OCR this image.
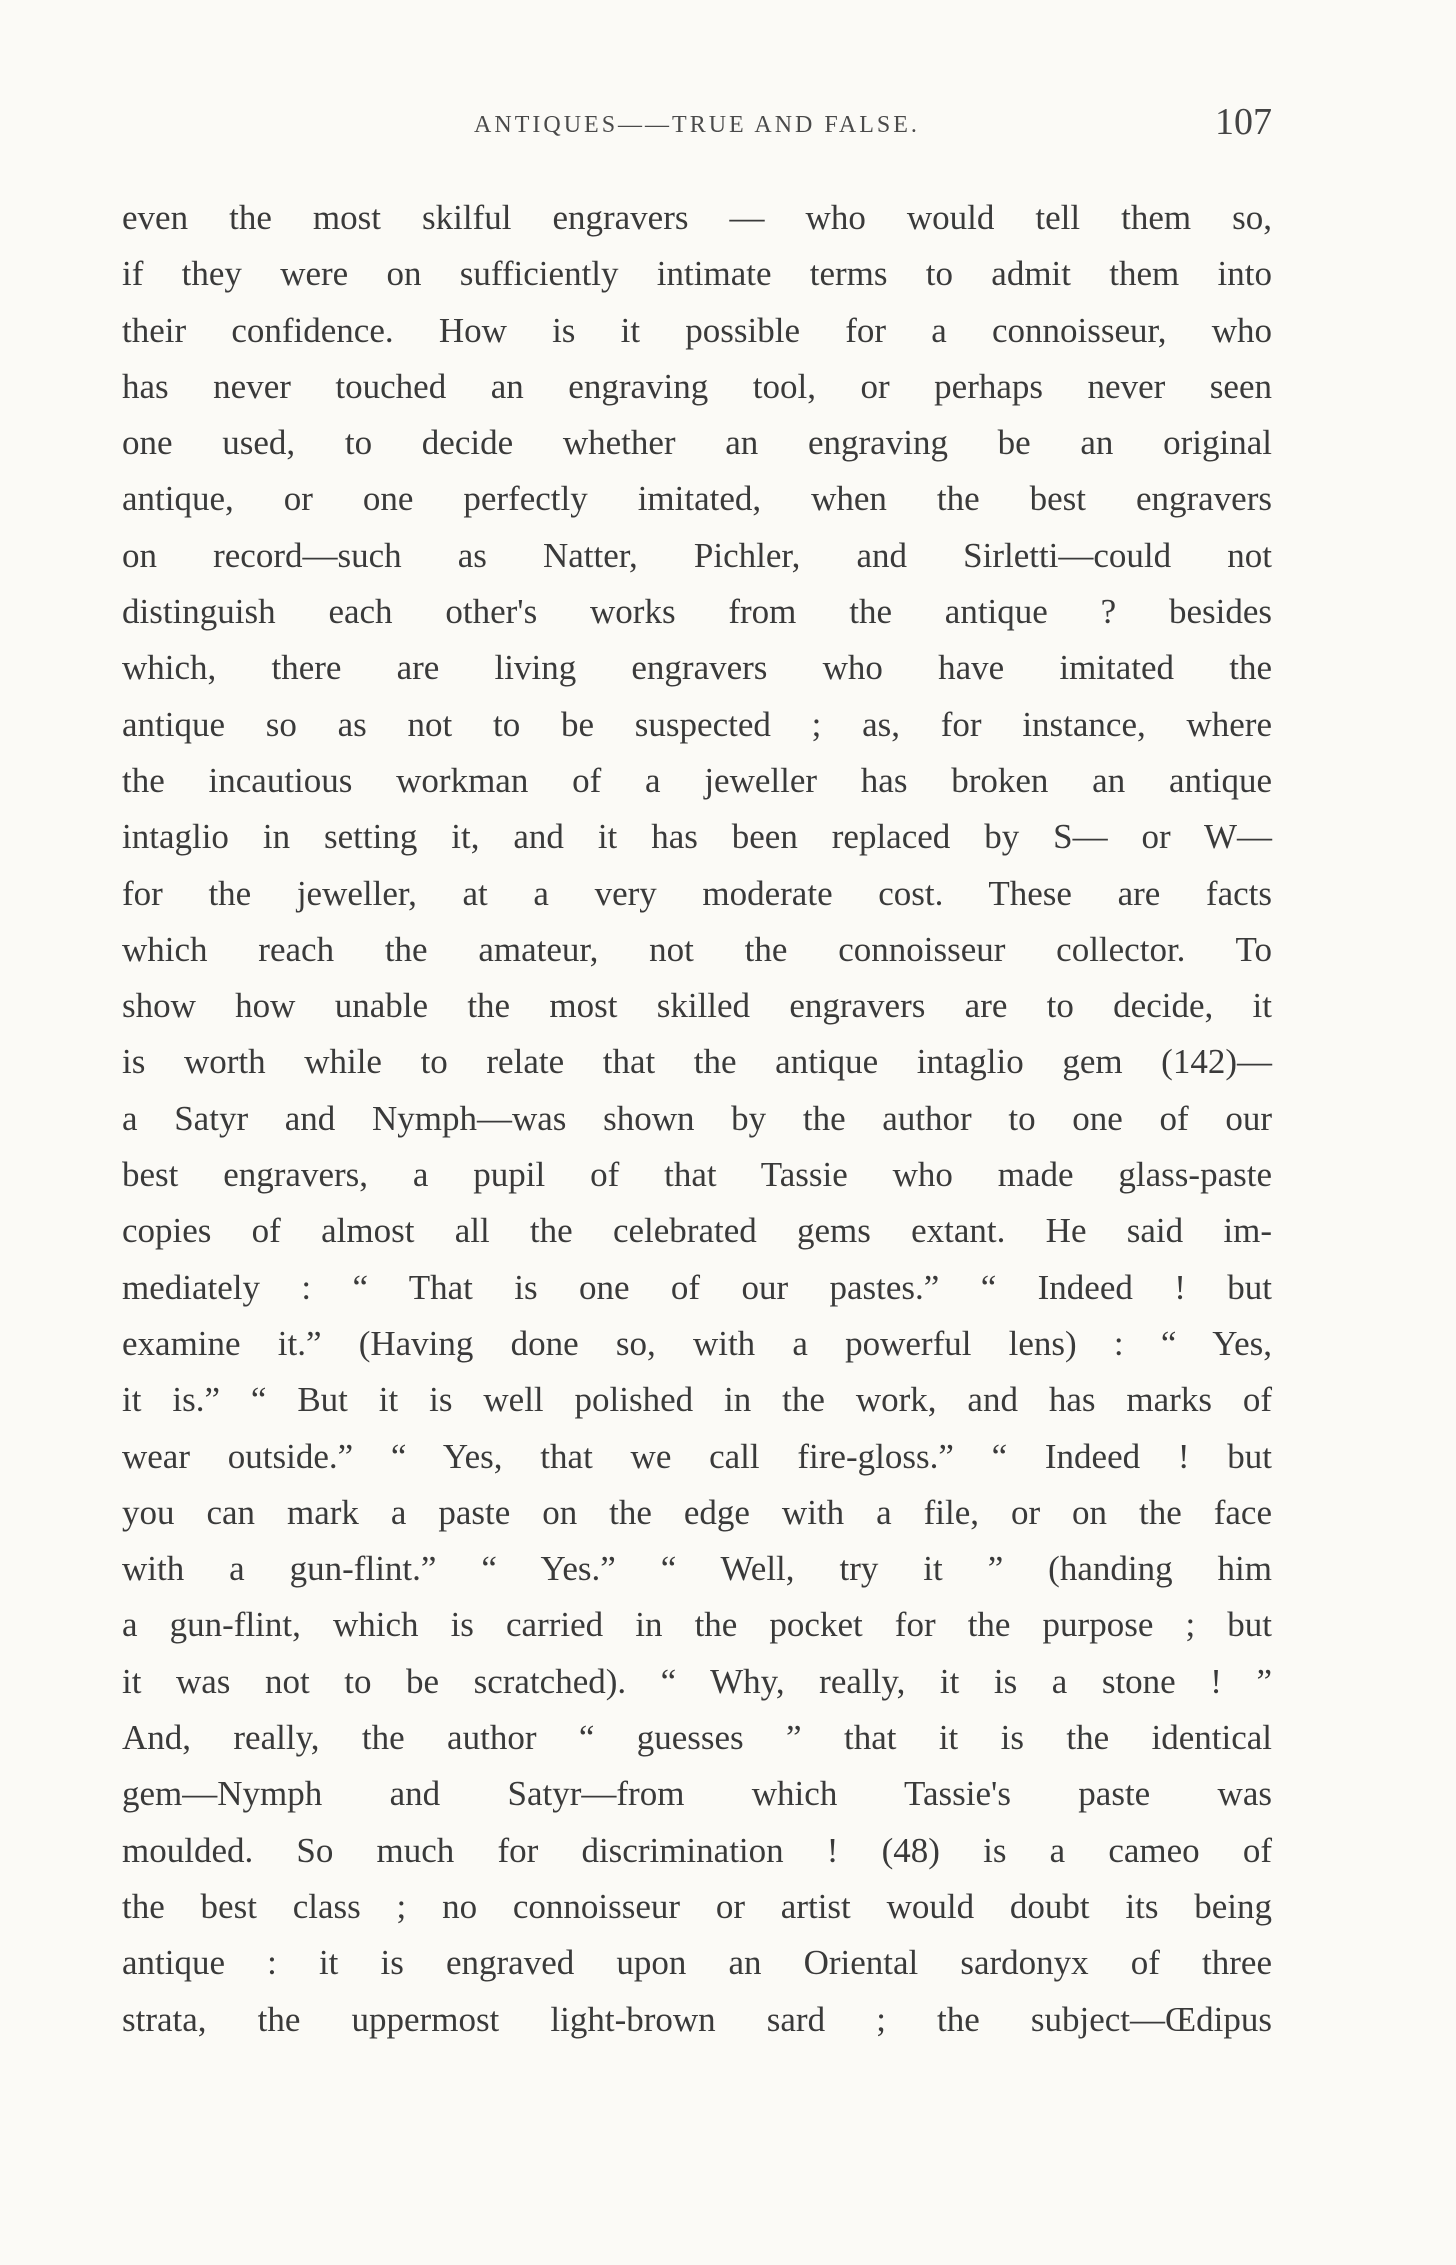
ANTIQUES——TRUE AND FALSE.	107
even the most skilful engravers — who would tell them so,
if they were on sufficiently intimate terms to admit them into
their confidence. How is it possible for a connoisseur, who
has never touched an engraving tool, or perhaps never seen
one used, to decide whether an engraving be an original
antique, or one perfectly imitated, when the best engravers
on record—such as Natter, Pichler, and Sirletti—could not
distinguish each other's works from the antique ? besides
which, there are living engravers who have imitated the
antique so as not to be suspected ; as, for instance, where
the incautious workman of a jeweller has broken an antique
intaglio in setting it, and it has been replaced by S— or W—
for the jeweller, at a very moderate cost. These are facts
which reach the amateur, not the connoisseur collector. To
show how unable the most skilled engravers are to decide, it
is worth while to relate that the antique intaglio gem (142)—
a Satyr and Nymph—was shown by the author to one of our
best engravers, a pupil of that Tassie who made glass-paste
copies of almost all the celebrated gems extant. He said im-
mediately : “ That is one of our pastes.” “ Indeed ! but
examine it.” (Having done so, with a powerful lens) : “ Yes,
it is.” “ But it is well polished in the work, and has marks of
wear outside.” “ Yes, that we call fire-gloss.” “ Indeed ! but
you can mark a paste on the edge with a file, or on the face
with a gun-flint.” “ Yes.” “ Well, try it ” (handing him
a gun-flint, which is carried in the pocket for the purpose ; but
it was not to be scratched). “ Why, really, it is a stone ! ”
And, really, the author “ guesses ” that it is the identical
gem—Nymph and Satyr—from which Tassie's paste was
moulded. So much for discrimination ! (48) is a cameo of
the best class ; no connoisseur or artist would doubt its being
antique : it is engraved upon an Oriental sardonyx of three
strata, the uppermost light-brown sard ; the subject—Œdipus
